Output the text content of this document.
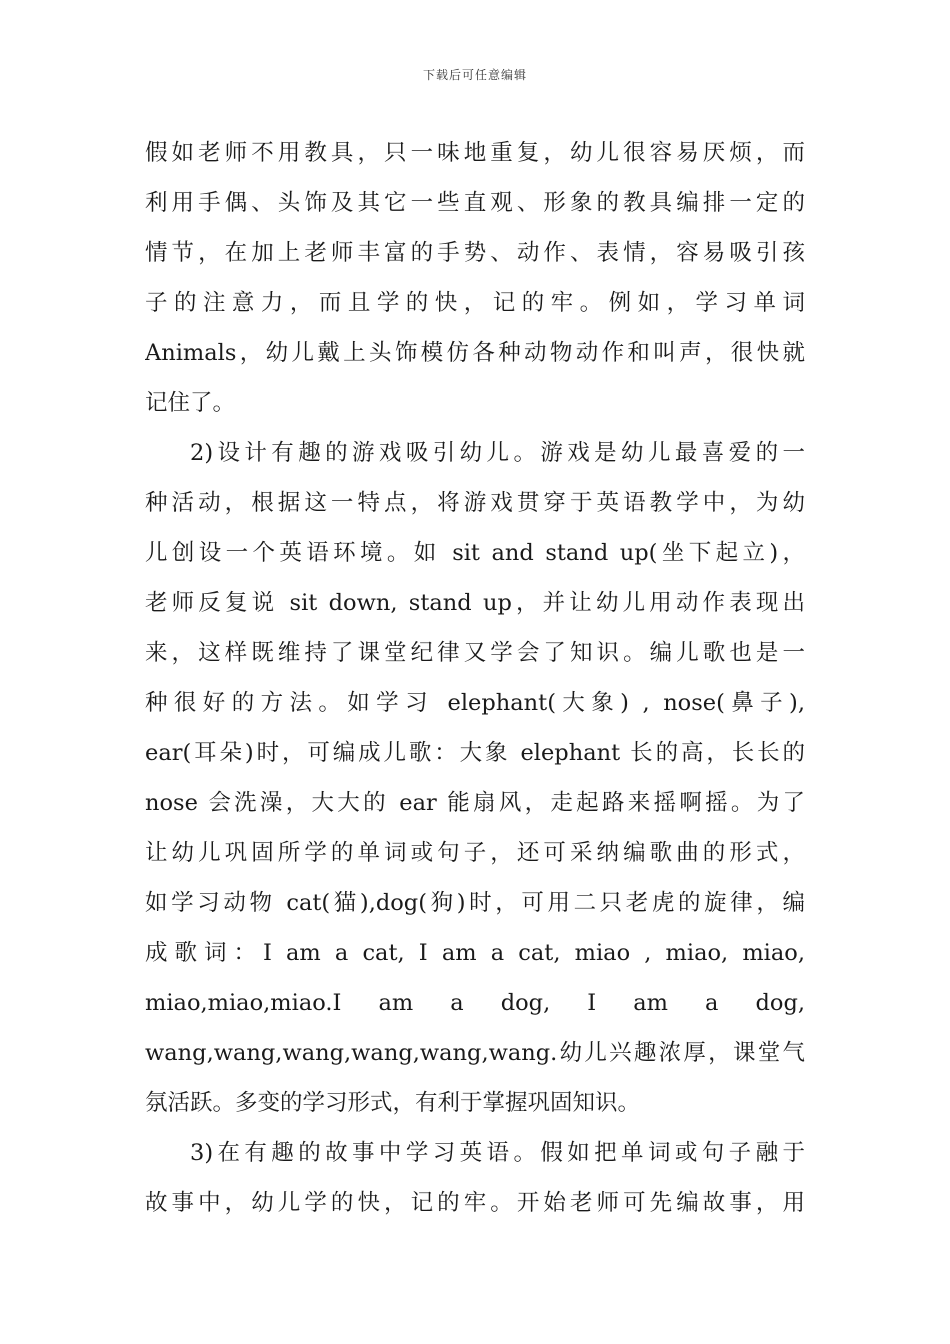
下载后可任意编辑
假如老师不用教具，只一味地重复，幼儿很容易厌烦，而
利用手偶、头饰及其它一些直观、形象的教具编排一定的
情节，在加上老师丰富的手势、动作、表情，容易吸引孩
子的注意力，而且学的快，记的牢。例如，学习单词
Animals，幼儿戴上头饰模仿各种动物动作和叫声，很快就
记住了。
2)设计有趣的游戏吸引幼儿。游戏是幼儿最喜爱的一
种活动，根据这一特点，将游戏贯穿于英语教学中，为幼
儿创设一个英语环境。如 sit and stand up(坐下起立)，
老师反复说 sit down, stand up，并让幼儿用动作表现出
来，这样既维持了课堂纪律又学会了知识。编儿歌也是一
种很好的方法。如学习 elephant(大象) , nose(鼻子),
ear(耳朵)时，可编成儿歌：大象 elephant 长的高，长长的
nose 会洗澡，大大的 ear 能扇风，走起路来摇啊摇。为了
让幼儿巩固所学的单词或句子，还可采纳编歌曲的形式，
如学习动物 cat(猫),dog(狗)时，可用二只老虎的旋律，编
成歌词：I am a cat, I am a cat, miao , miao, miao,
miao,miao,miao.I am a dog, I am a dog,
wang,wang,wang,wang,wang,wang.幼儿兴趣浓厚，课堂气
氛活跃。多变的学习形式，有利于掌握巩固知识。
3)在有趣的故事中学习英语。假如把单词或句子融于
故事中，幼儿学的快，记的牢。开始老师可先编故事，用
